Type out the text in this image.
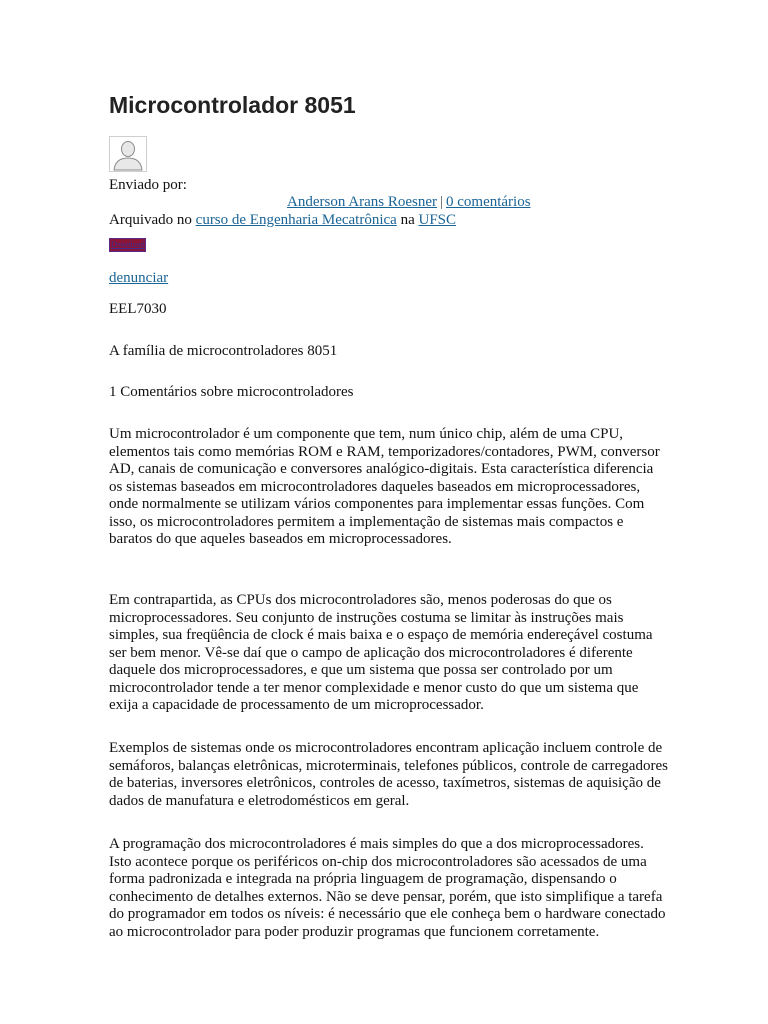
Microcontrolador 8051
Enviado por:
Anderson Arans Roesner | 0 comentários
Arquivado no curso de Engenharia Mecatrônica na UFSC
Download
denunciar
EEL7030
A família de microcontroladores 8051
1 Comentários sobre microcontroladores

Um microcontrolador é um componente que tem, num único chip, além de uma CPU, elementos tais como memórias ROM e RAM, temporizadores/contadores, PWM, conversor AD, canais de comunicação e conversores analógico-digitais. Esta característica diferencia os sistemas baseados em microcontroladores daqueles baseados em microprocessadores, onde normalmente se utilizam vários componentes para implementar essas funções. Com isso, os microcontroladores permitem a implementação de sistemas mais compactos e baratos do que aqueles baseados em microprocessadores.

Em contrapartida, as CPUs dos microcontroladores são, menos poderosas do que os microprocessadores. Seu conjunto de instruções costuma se limitar às instruções mais simples, sua freqüência de clock é mais baixa e o espaço de memória endereçável costuma ser bem menor. Vê-se daí que o campo de aplicação dos microcontroladores é diferente daquele dos microprocessadores, e que um sistema que possa ser controlado por um microcontrolador tende a ter menor complexidade e menor custo do que um sistema que exija a capacidade de processamento de um microprocessador.

Exemplos de sistemas onde os microcontroladores encontram aplicação incluem controle de semáforos, balanças eletrônicas, microterminais, telefones públicos, controle de carregadores de baterias, inversores eletrônicos, controles de acesso, taxímetros, sistemas de aquisição de dados de manufatura e eletrodomésticos em geral.

A programação dos microcontroladores é mais simples do que a dos microprocessadores. Isto acontece porque os periféricos on-chip dos microcontroladores são acessados de uma forma padronizada e integrada na própria linguagem de programação, dispensando o conhecimento de detalhes externos. Não se deve pensar, porém, que isto simplifique a tarefa do programador em todos os níveis: é necessário que ele conheça bem o hardware conectado ao microcontrolador para poder produzir programas que funcionem corretamente.
